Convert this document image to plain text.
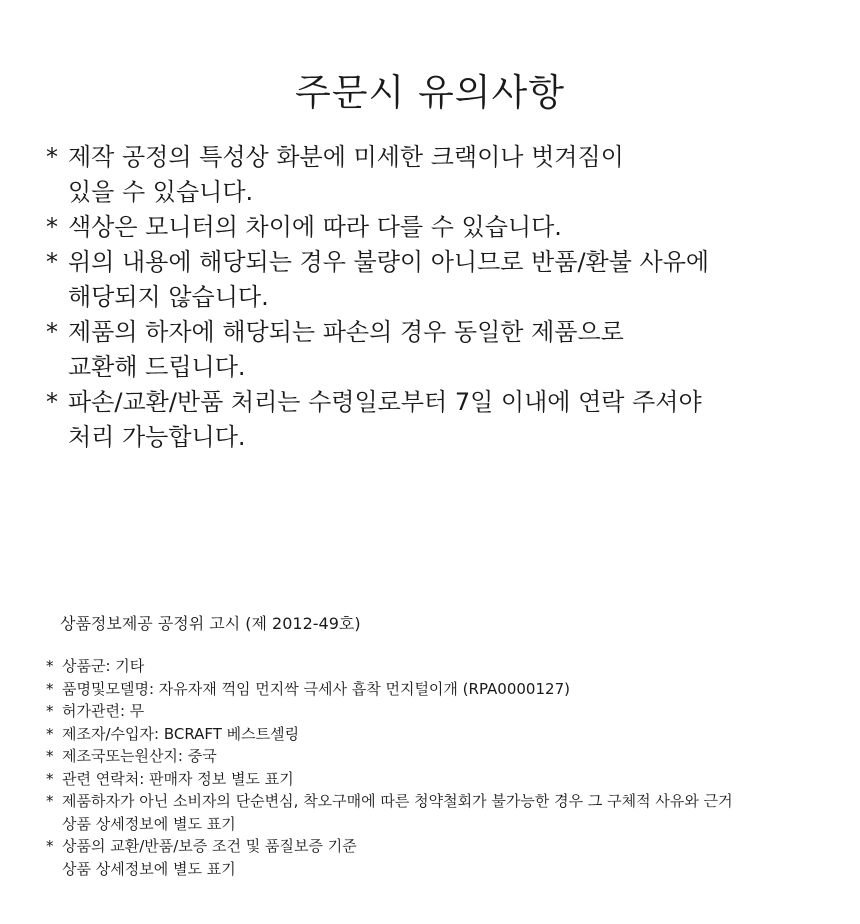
주문시 유의사항
* 제작 공정의 특성상 화분에 미세한 크랙이나 벗겨짐이
있을 수 있습니다.
* 색상은 모니터의 차이에 따라 다를 수 있습니다.
* 위의 내용에 해당되는 경우 불량이 아니므로 반품/환불 사유에
해당되지 않습니다.
* 제품의 하자에 해당되는 파손의 경우 동일한 제품으로
교환해 드립니다.
* 파손/교환/반품 처리는 수령일로부터 7일 이내에 연락 주셔야
처리 가능합니다.
상품정보제공 공정위 고시 (제 2012-49호)
* 상품군: 기타
* 품명및모델명: 자유자재 꺽임 먼지싹 극세사 흡착 먼지털이개 (RPA0000127)
* 허가관련: 무
* 제조자/수입자: BCRAFT 베스트셀링
* 제조국또는원산지: 중국
* 관련 연락처: 판매자 정보 별도 표기
* 제품하자가 아닌 소비자의 단순변심, 착오구매에 따른 청약철회가 불가능한 경우 그 구체적 사유와 근거
상품 상세정보에 별도 표기
* 상품의 교환/반품/보증 조건 및 품질보증 기준
상품 상세정보에 별도 표기
